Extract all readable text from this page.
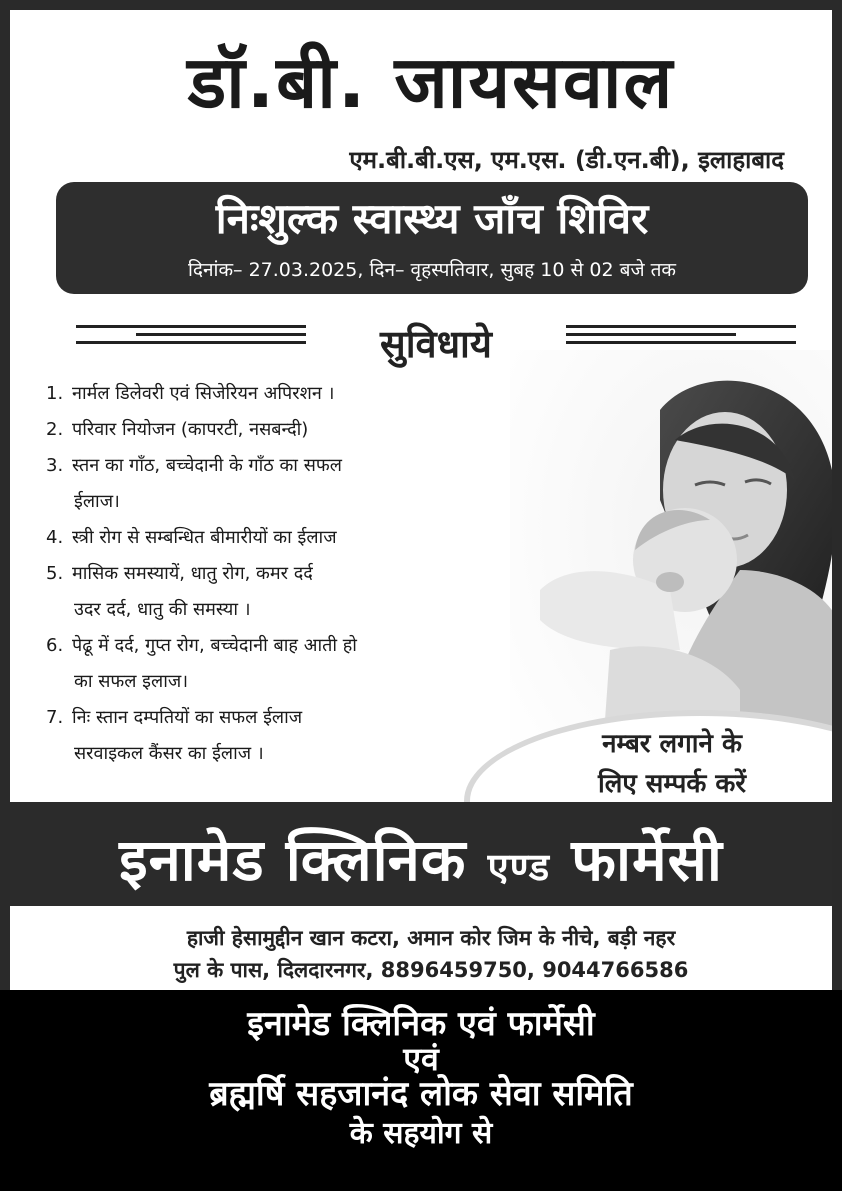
डॉ.बी. जायसवाल
एम.बी.बी.एस, एम.एस. (डी.एन.बी), इलाहाबाद
निःशुल्क स्वास्थ्य जाँच शिविर
दिनांक– 27.03.2025, दिन– वृहस्पतिवार, सुबह 10 से 02 बजे तक
सुविधाये
1. नार्मल डिलेवरी एवं सिजेरियन अपिरशन ।
2. परिवार नियोजन (कापरटी, नसबन्दी)
3. स्तन का गाँठ, बच्चेदानी के गाँठ का सफल
ईलाज।
4. स्त्री रोग से सम्बन्धित बीमारीयों का ईलाज
5. मासिक समस्यायें, धातु रोग, कमर दर्द
उदर दर्द, धातु की समस्या ।
6. पेढू में दर्द, गुप्त रोग, बच्चेदानी बाह आती हो
का सफल इलाज।
7. निः स्तान दम्पतियों का सफल ईलाज
सरवाइकल कैंसर का ईलाज ।	नम्बर लगाने के
लिए सम्पर्क करें
इनामेड क्लिनिक एण्ड फार्मेसी
हाजी हेसामुद्दीन खान कटरा, अमान कोर जिम के नीचे, बड़ी नहर
पुल के पास, दिलदारनगर, 8896459750, 9044766586
इनामेड क्लिनिक एवं फार्मेसी
एवं
ब्रह्मर्षि सहजानंद लोक सेवा समिति
के सहयोग से
